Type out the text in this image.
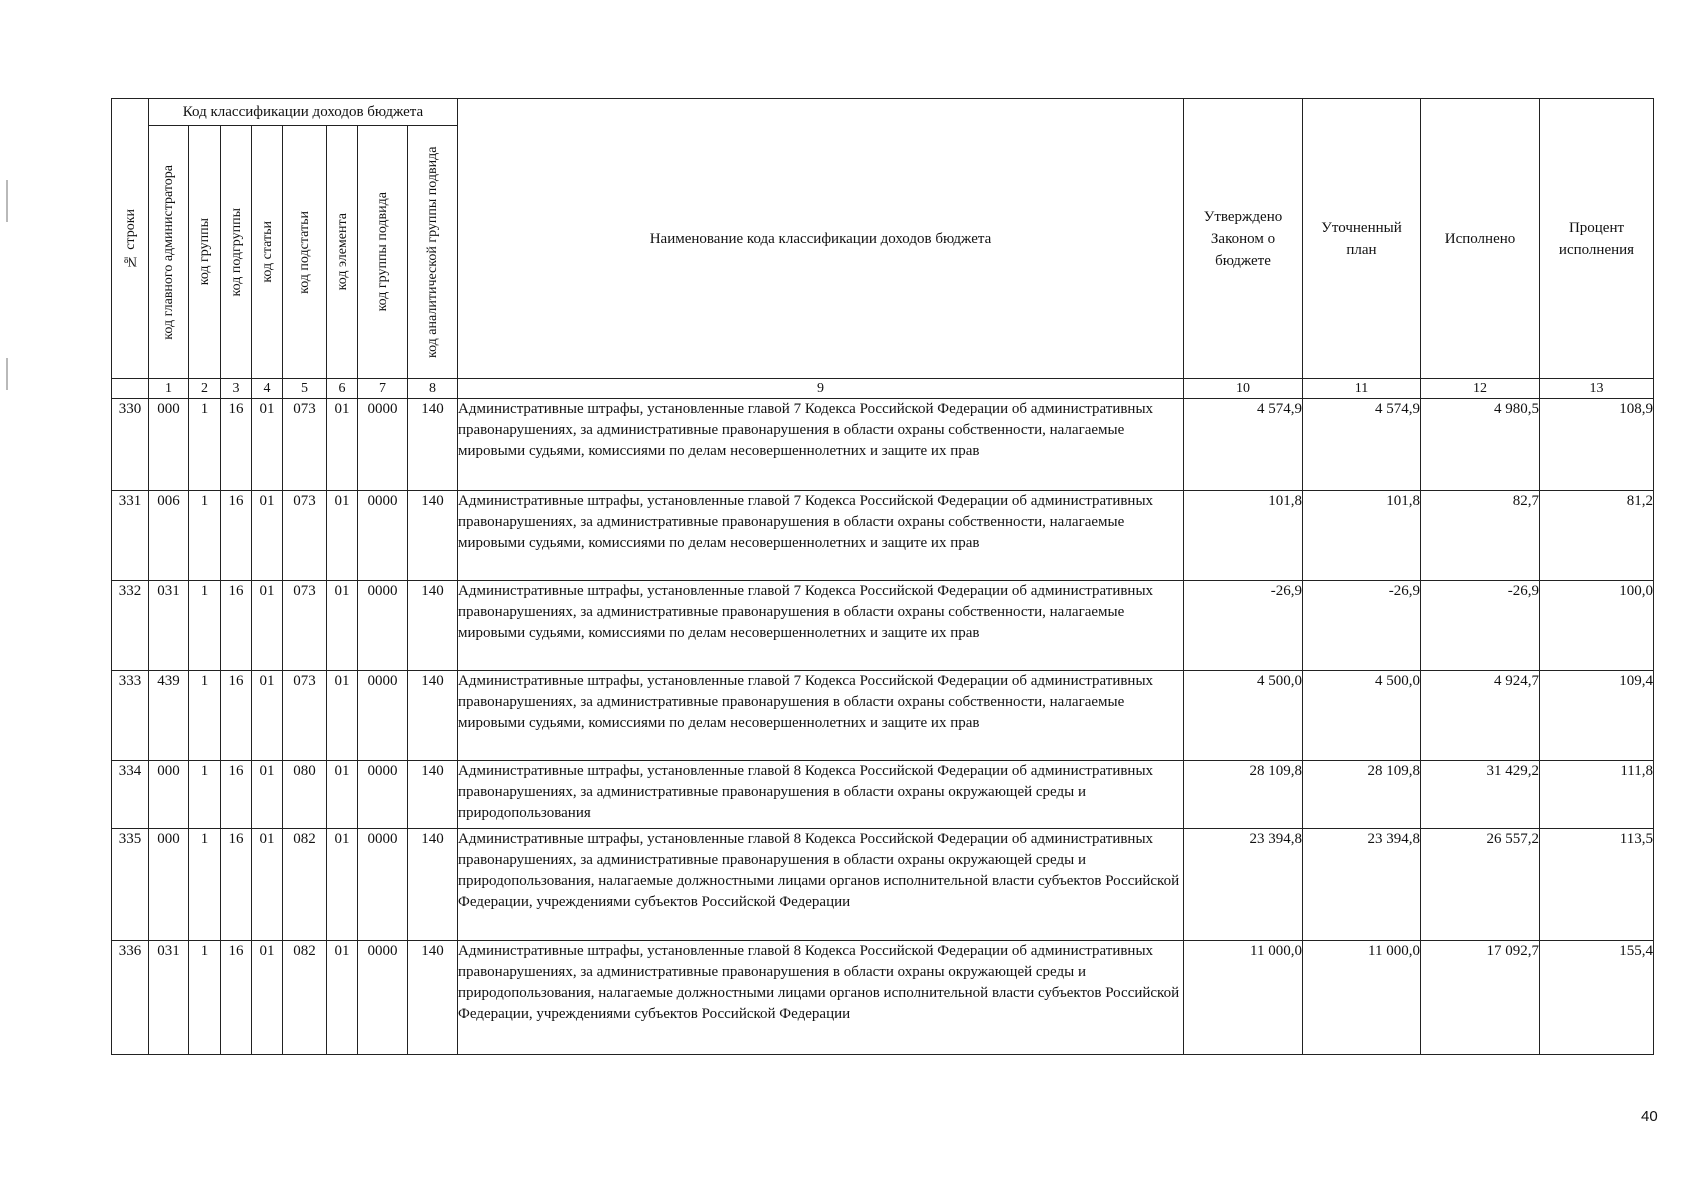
№ строки	Код классификации доходов бюджета								Наименование кода классификации доходов бюджета	Утверждено Законом о бюджете	Уточненный план	Исполнено	Процент исполнения

	код главного администратора	код группы	код подгруппы	код статьи	код подстатьи	код элемента	код группы подвида	код аналитической группы подвида					

	1	2	3	4	5	6	7	8	9	10	11	12	13
330	000	1	16	01	073	01	0000	140	Административные штрафы, установленные главой 7 Кодекса Российской Федерации об административных правонарушениях, за административные правонарушения в области охраны собственности, налагаемые мировыми судьями, комиссиями по делам несовершеннолетних и защите их прав	4 574,9	4 574,9	4 980,5	108,9
331	006	1	16	01	073	01	0000	140	Административные штрафы, установленные главой 7 Кодекса Российской Федерации об административных правонарушениях, за административные правонарушения в области охраны собственности, налагаемые мировыми судьями, комиссиями по делам несовершеннолетних и защите их прав	101,8	101,8	82,7	81,2
332	031	1	16	01	073	01	0000	140	Административные штрафы, установленные главой 7 Кодекса Российской Федерации об административных правонарушениях, за административные правонарушения в области охраны собственности, налагаемые мировыми судьями, комиссиями по делам несовершеннолетних и защите их прав	-26,9	-26,9	-26,9	100,0
333	439	1	16	01	073	01	0000	140	Административные штрафы, установленные главой 7 Кодекса Российской Федерации об административных правонарушениях, за административные правонарушения в области охраны собственности, налагаемые мировыми судьями, комиссиями по делам несовершеннолетних и защите их прав	4 500,0	4 500,0	4 924,7	109,4
334	000	1	16	01	080	01	0000	140	Административные штрафы, установленные главой 8 Кодекса Российской Федерации об административных правонарушениях, за административные правонарушения в области охраны окружающей среды и природопользования	28 109,8	28 109,8	31 429,2	111,8
335	000	1	16	01	082	01	0000	140	Административные штрафы, установленные главой 8 Кодекса Российской Федерации об административных правонарушениях, за административные правонарушения в области охраны окружающей среды и природопользования, налагаемые должностными лицами органов исполнительной власти субъектов Российской Федерации, учреждениями субъектов Российской Федерации	23 394,8	23 394,8	26 557,2	113,5
336	031	1	16	01	082	01	0000	140	Административные штрафы, установленные главой 8 Кодекса Российской Федерации об административных правонарушениях, за административные правонарушения в области охраны окружающей среды и природопользования, налагаемые должностными лицами органов исполнительной власти субъектов Российской Федерации, учреждениями субъектов Российской Федерации	11 000,0	11 000,0	17 092,7	155,4
40
